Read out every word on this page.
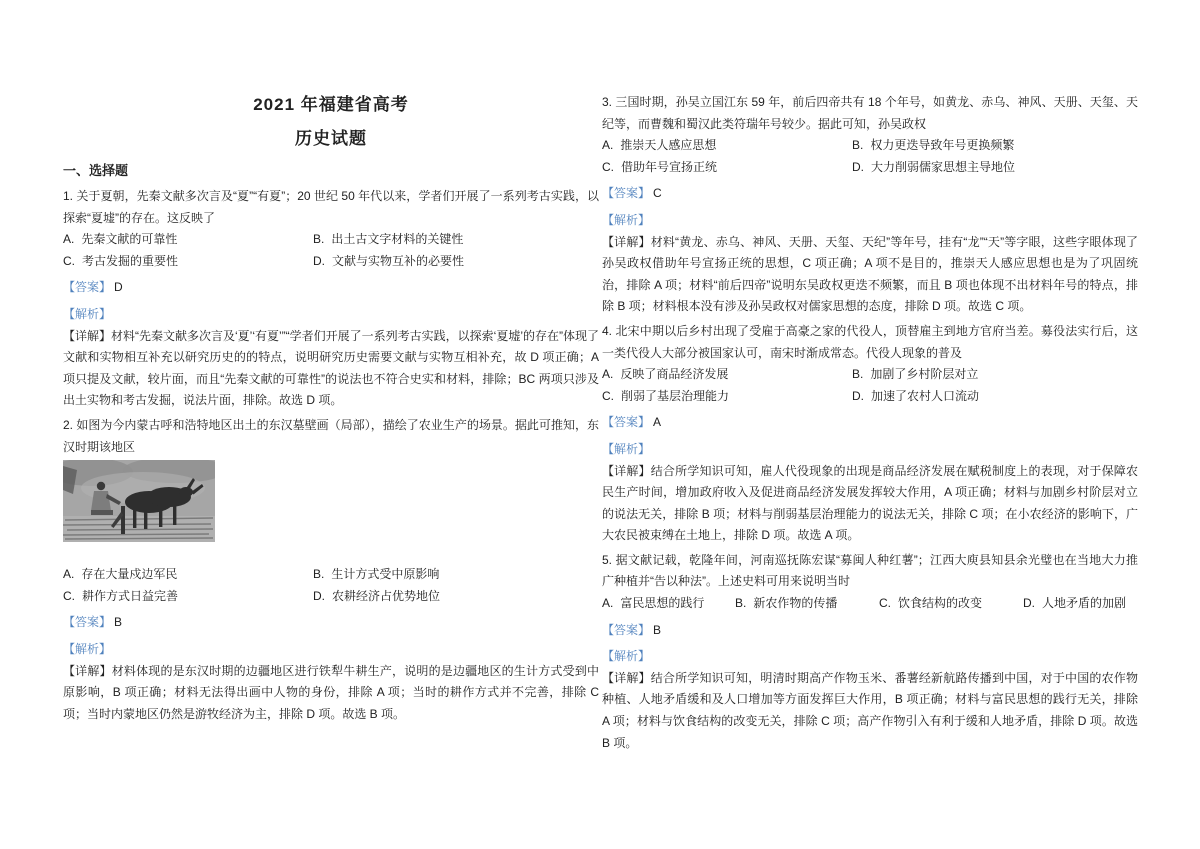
2021 年福建省高考

历史试题

一、选择题

1. 关于夏朝，先秦文献多次言及“夏”“有夏”；20 世纪 50 年代以来，学者们开展了一系列考古实践，以探索“夏墟”的存在。这反映了

A. 先秦文献的可靠性	B. 出土古文字材料的关键性
C. 考古发掘的重要性	D. 文献与实物互补的必要性

【答案】 D

【解析】

【详解】材料“先秦文献多次言及‘夏’‘有夏’”“学者们开展了一系列考古实践，以探索‘夏墟’的存在”体现了文献和实物相互补充以研究历史的的特点，说明研究历史需要文献与实物互相补充，故 D 项正确；A 项只提及文献，较片面，而且“先秦文献的可靠性”的说法也不符合史实和材料，排除；BC 两项只涉及出土实物和考古发掘，说法片面，排除。故选 D 项。

2. 如图为今内蒙古呼和浩特地区出土的东汉墓壁画（局部），描绘了农业生产的场景。据此可推知，东汉时期该地区

A. 存在大量戍边军民	B. 生计方式受中原影响
C. 耕作方式日益完善	D. 农耕经济占优势地位

【答案】 B

【解析】

【详解】材料体现的是东汉时期的边疆地区进行铁犁牛耕生产，说明的是边疆地区的生计方式受到中原影响，B 项正确；材料无法得出画中人物的身份，排除 A 项；当时的耕作方式并不完善，排除 C 项；当时内蒙地区仍然是游牧经济为主，排除 D 项。故选 B 项。

3. 三国时期，孙吴立国江东 59 年，前后四帝共有 18 个年号，如黄龙、赤乌、神风、天册、天玺、天纪等，而曹魏和蜀汉此类符瑞年号较少。据此可知，孙吴政权

A. 推崇天人感应思想	B. 权力更迭导致年号更换频繁
C. 借助年号宣扬正统	D. 大力削弱儒家思想主导地位

【答案】 C

【解析】

【详解】材料“黄龙、赤乌、神风、天册、天玺、天纪”等年号，挂有“龙”“天”等字眼，这些字眼体现了孙吴政权借助年号宣扬正统的思想，C 项正确；A 项不是目的，推崇天人感应思想也是为了巩固统治，排除 A 项；材料“前后四帝”说明东吴政权更迭不频繁，而且 B 项也体现不出材料年号的特点，排除 B 项；材料根本没有涉及孙吴政权对儒家思想的态度，排除 D 项。故选 C 项。

4. 北宋中期以后乡村出现了受雇于高豪之家的代役人，顶替雇主到地方官府当差。募役法实行后，这一类代役人大部分被国家认可，南宋时渐成常态。代役人现象的普及

A. 反映了商品经济发展	B. 加剧了乡村阶层对立
C. 削弱了基层治理能力	D. 加速了农村人口流动

【答案】 A

【解析】

【详解】结合所学知识可知，雇人代役现象的出现是商品经济发展在赋税制度上的表现，对于保障农民生产时间，增加政府收入及促进商品经济发展发挥较大作用，A 项正确；材料与加剧乡村阶层对立的说法无关，排除 B 项；材料与削弱基层治理能力的说法无关，排除 C 项；在小农经济的影响下，广大农民被束缚在土地上，排除 D 项。故选 A 项。

5. 据文献记载，乾隆年间，河南巡抚陈宏谋“募闽人种红薯”；江西大庾县知县余光璧也在当地大力推广种植并“告以种法”。上述史料可用来说明当时

A. 富民思想的践行	B. 新农作物的传播	C. 饮食结构的改变	D. 人地矛盾的加剧

【答案】 B

【解析】

【详解】结合所学知识可知，明清时期高产作物玉米、番薯经新航路传播到中国，对于中国的农作物种植、人地矛盾缓和及人口增加等方面发挥巨大作用，B 项正确；材料与富民思想的践行无关，排除 A 项；材料与饮食结构的改变无关，排除 C 项；高产作物引入有利于缓和人地矛盾，排除 D 项。故选 B 项。
